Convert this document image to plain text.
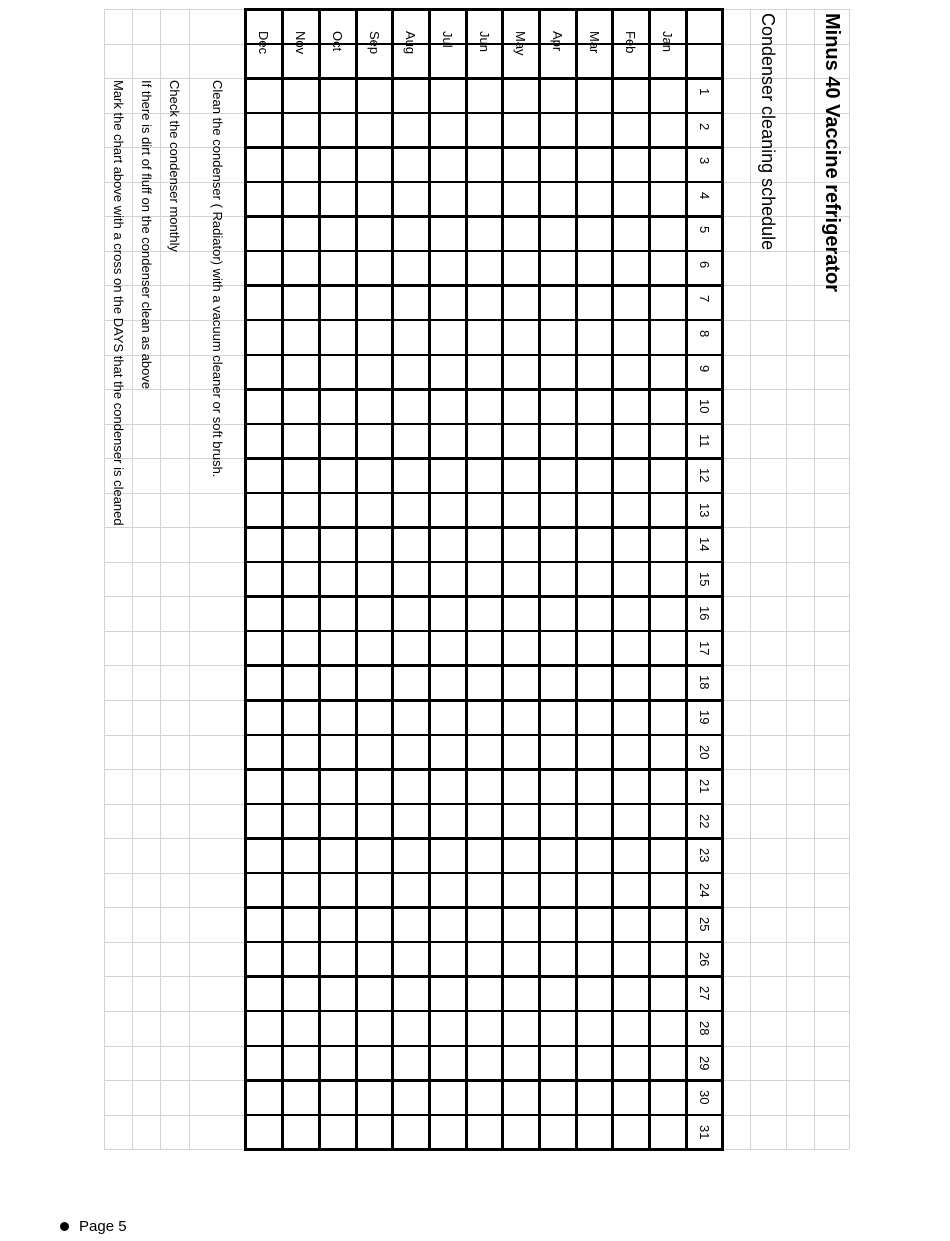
Minus 40 Vaccine refrigerator
Condenser cleaning schedule
1
2
3
4
5
6
7
8
9
10
11
12
13
14
15
16
17
18
19
20
21
22
23
24
25
26
27
28
29
30
31
Jan
Feb
Mar
Apr
May
Jun
Jul
Aug
Sep
Oct
Nov
Dec
Clean the condenser ( Radiator) with a vacuum cleaner or soft brush.
Check the condenser monthly
If there is dirt of fluff on the condenser clean as above
Mark the chart above with a cross on the DAYS that the condenser is cleaned
Page 5
